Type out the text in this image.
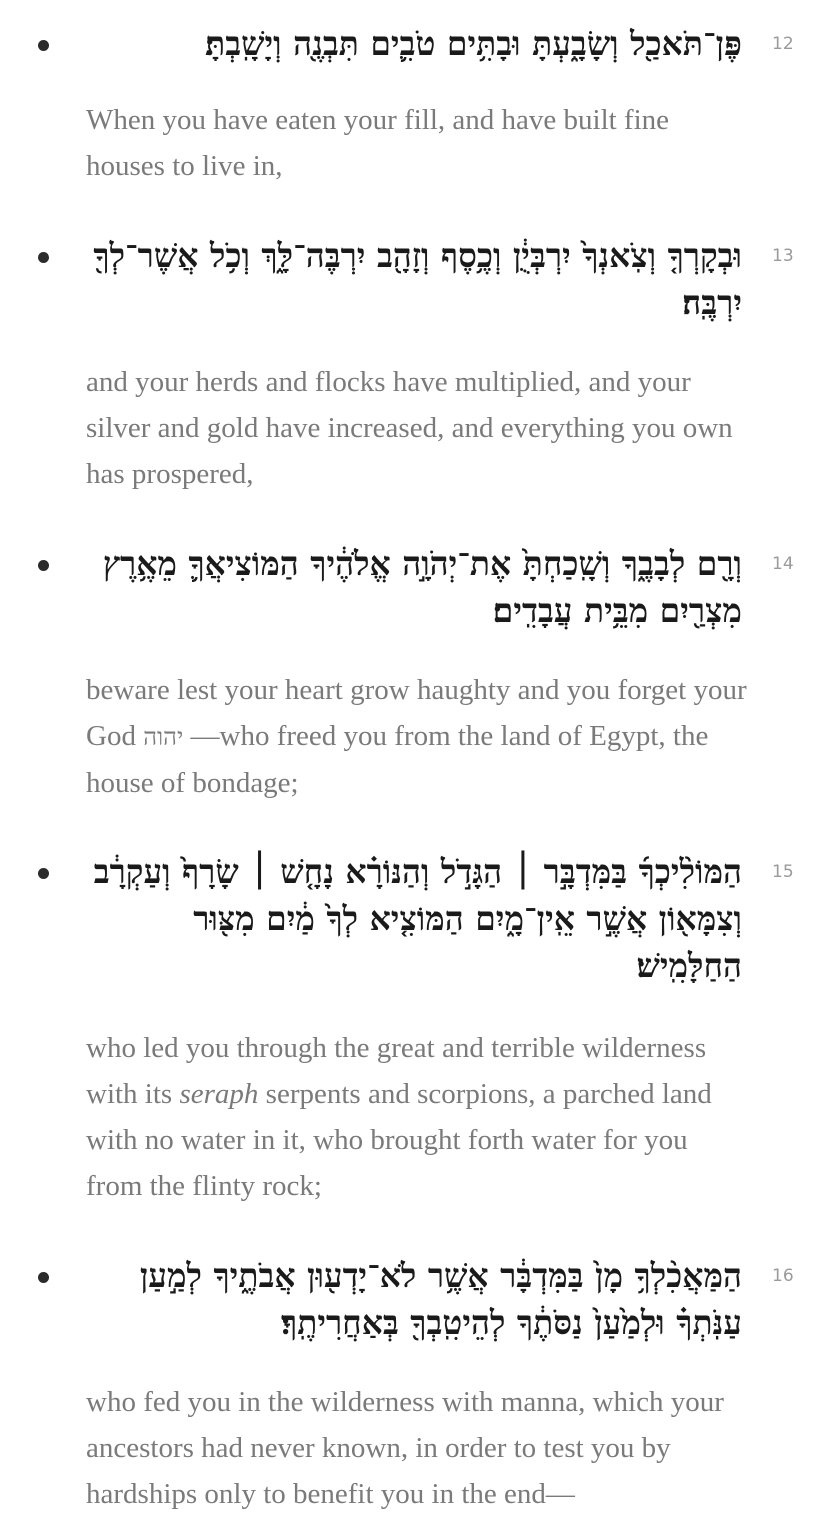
12
פֶּן־תֹּאכַ֖ל וְשָׂבָ֑עְתָּ וּבָתִּ֥ים טֹבִ֛ים תִּבְנֶ֖ה וְיָשָֽׁבְתָּ׃
When you have eaten your fill, and have built fine houses to live in,
13
וּבְקָרְךָ֤ וְצֹֽאנְךָ֙ יִרְבְּיֻ֔ן וְכֶ֥סֶף וְזָהָ֖ב יִרְבֶּה־לָּ֑ךְ וְכֹ֥ל אֲשֶׁר־לְךָ֖ יִרְבֶּֽה׃
and your herds and flocks have multiplied, and your silver and gold have increased, and everything you own has prospered,
14
וְרָ֖ם לְבָבֶ֑ךָ וְשָֽׁכַחְתָּ֙ אֶת־יְהֹוָ֣ה אֱלֹהֶ֔יךָ הַמּוֹצִיאֲךָ֛ מֵאֶ֥רֶץ מִצְרַ֖יִם מִבֵּ֥ית עֲבָדִֽים׃
beware lest your heart grow haughty and you forget your God יהוה —who freed you from the land of Egypt, the house of bondage;
15
הַמּוֹלִ֨יכְךָ֜ בַּמִּדְבָּ֣ר ׀ הַגָּדֹ֣ל וְהַנּוֹרָ֗א נָחָ֤שׁ ׀ שָׂרָף֙ וְעַקְרָ֔ב וְצִמָּא֖וֹן אֲשֶׁ֣ר אֵֽין־מָ֑יִם הַמּוֹצִ֤יא לְךָ֙ מַ֔יִם מִצּ֖וּר הַחַלָּמִֽישׁ׃
who led you through the great and terrible wilderness with its seraph serpents and scorpions, a parched land with no water in it, who brought forth water for you from the flinty rock;
16
הַמַּאֲכִ֨לְךָ֥ מָן֙ בַּמִּדְבָּ֔ר אֲשֶׁ֥ר לֹא־יָדְע֖וּן אֲבֹתֶ֑יךָ לְמַ֣עַן עַנֹּֽתְךָ֗ וּלְמַ֙עַן֙ נַסֹּתֶ֔ךָ לְהֵיטִֽבְךָ֖ בְּאַחֲרִיתֶֽךָ׃
who fed you in the wilderness with manna, which your ancestors had never known, in order to test you by hardships only to benefit you in the end—
